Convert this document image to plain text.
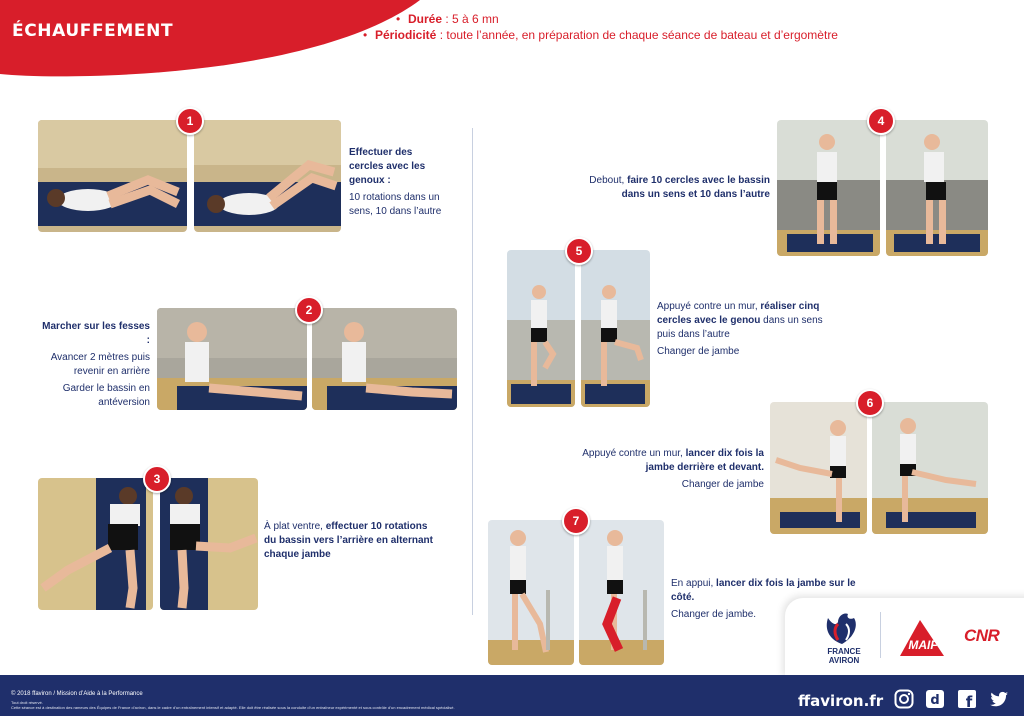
ÉCHAUFFEMENT
• Durée : 5 à 6 mn
• Périodicité : toute l’année, en préparation de chaque séance de bateau et d’ergomètre
1

Effectuer des cercles avec les genoux :

10 rotations dans un sens, 10 dans l’autre

Marcher sur les fesses :

Avancer 2 mètres puis revenir en arrière

Garder le bassin en antéversion

2
3

À plat ventre, effectuer 10 rotations du bassin vers l’arrière en alternant chaque jambe

Debout, faire 10 cercles avec le bassin dans un sens et 10 dans l’autre

4
5

Appuyé contre un mur, réaliser cinq cercles avec le genou dans un sens puis dans l’autre

Changer de jambe

Appuyé contre un mur, lancer dix fois la jambe derrière et devant.

Changer de jambe

6
7

En appui, lancer dix fois la jambe sur le côté.

Changer de jambe.

FRANCE
AVIRON
MAIF	CNR
© 2018 ffaviron / Mission d’Aide à la Performance
Tout droit réservé.
Cette séance est à destination des rameurs des Équipes de France d’aviron, dans le cadre d’un entraînement intensif et adapté. Elle doit être réalisée sous la conduite d’un entraîneur expérimenté et sous contrôle d’un encadrement médical spécialisé.	ffaviron.fr	d f
